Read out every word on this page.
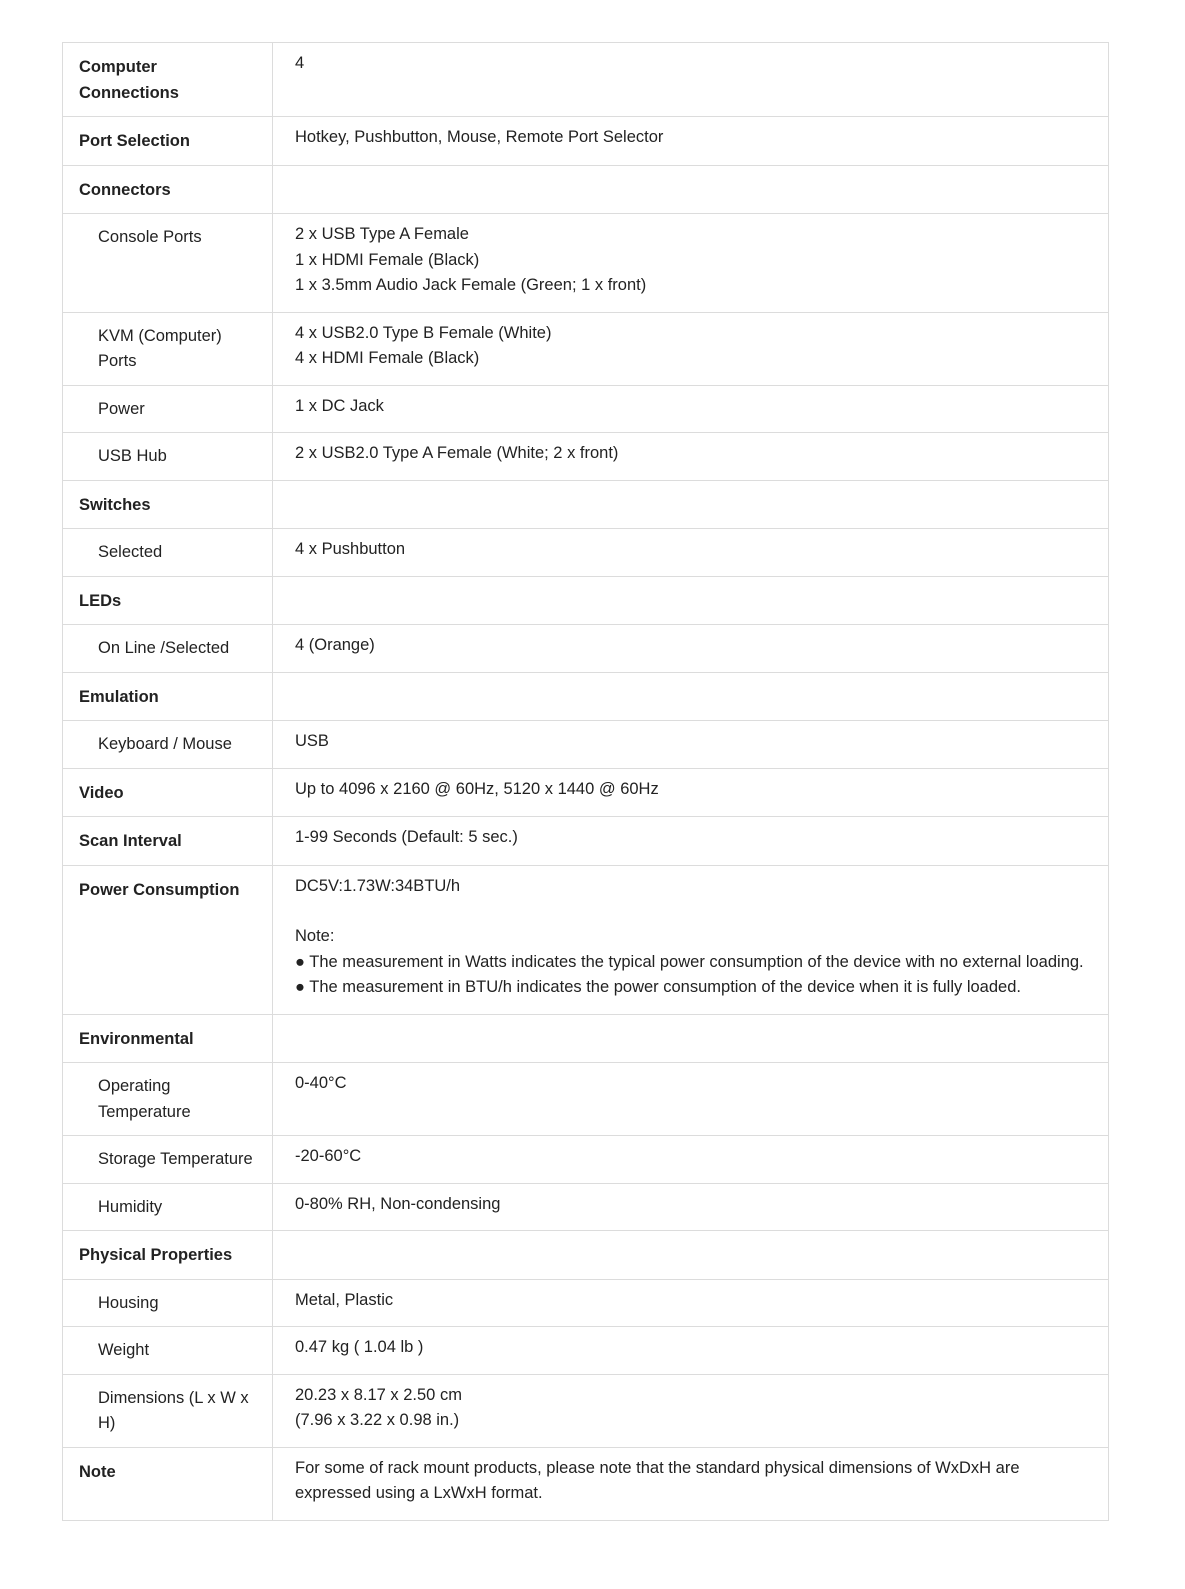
Computer Connections	4

Port Selection	Hotkey, Pushbutton, Mouse, Remote Port Selector

Connectors	
Console Ports	2 x USB Type A Female
1 x HDMI Female (Black)
1 x 3.5mm Audio Jack Female (Green; 1 x front)

KVM (Computer) Ports	4 x USB2.0 Type B Female (White)
4 x HDMI Female (Black)

Power	1 x DC Jack

USB Hub	2 x USB2.0 Type A Female (White; 2 x front)

Switches	
Selected	4 x Pushbutton

LEDs	
On Line /Selected	4 (Orange)

Emulation	
Keyboard / Mouse	USB

Video	Up to 4096 x 2160 @ 60Hz, 5120 x 1440 @ 60Hz

Scan Interval	1-99 Seconds (Default: 5 sec.)

Power Consumption	DC5V:1.73W:34BTU/h
Note:
● The measurement in Watts indicates the typical power consumption of the device with no external loading.
● The measurement in BTU/h indicates the power consumption of the device when it is fully loaded.

Environmental	
Operating Temperature	0-40°C

Storage Temperature	-20-60°C

Humidity	0-80% RH, Non-condensing

Physical Properties	
Housing	Metal, Plastic

Weight	0.47 kg ( 1.04 lb )

Dimensions (L x W x H)	20.23 x 8.17 x 2.50 cm
(7.96 x 3.22 x 0.98 in.)

Note	For some of rack mount products, please note that the standard physical dimensions of WxDxH are expressed using a LxWxH format.
